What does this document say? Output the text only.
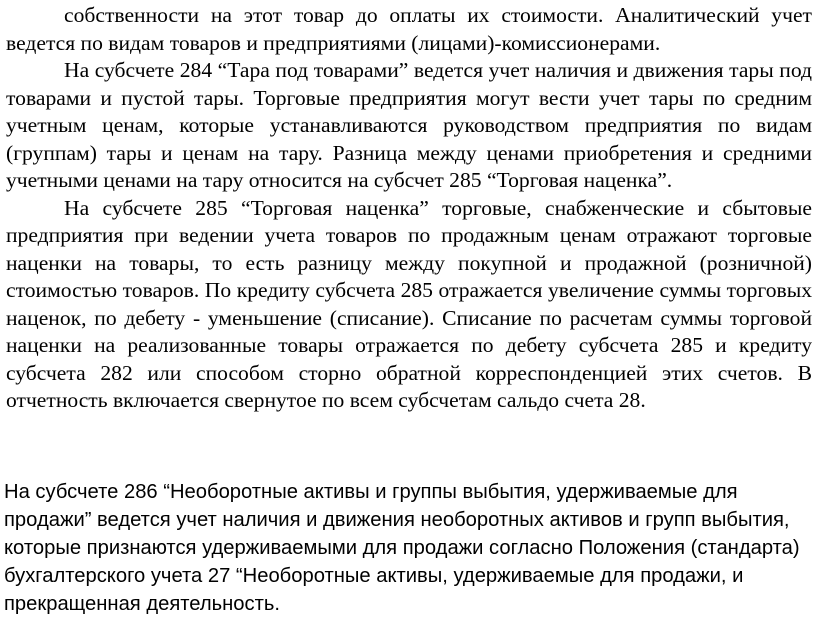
собственности на этот товар до оплаты их стоимости. Аналитический учет ведется по видам товаров и предприятиями (лицами)-комиссионерами.

На субсчете 284 “Тара под товарами” ведется учет наличия и движения тары под товарами и пустой тары. Торговые предприятия могут вести учет тары по средним учетным ценам, которые устанавливаются руководством предприятия по видам (группам) тары и ценам на тару. Разница между ценами приобретения и средними учетными ценами на тару относится на субсчет 285 “Торговая наценка”.

На субсчете 285 “Торговая наценка” торговые, снабженческие и сбытовые предприятия при ведении учета товаров по продажным ценам отражают торговые наценки на товары, то есть разницу между покупной и продажной (розничной) стоимостью товаров. По кредиту субсчета 285 отражается увеличение суммы торговых наценок, по дебету - уменьшение (списание). Списание по расчетам суммы торговой наценки на реализованные товары отражается по дебету субсчета 285 и кредиту субсчета 282 или способом сторно обратной корреспонденцией этих счетов. В отчетность включается свернутое по всем субсчетам сальдо счета 28.

На субсчете 286 “Необоротные активы и группы выбытия, удерживаемые для продажи” ведется учет наличия и движения необоротных активов и групп выбытия, которые признаются удерживаемыми для продажи согласно Положения (стандарта) бухгалтерского учета 27 “Необоротные активы, удерживаемые для продажи, и прекращенная деятельность.
